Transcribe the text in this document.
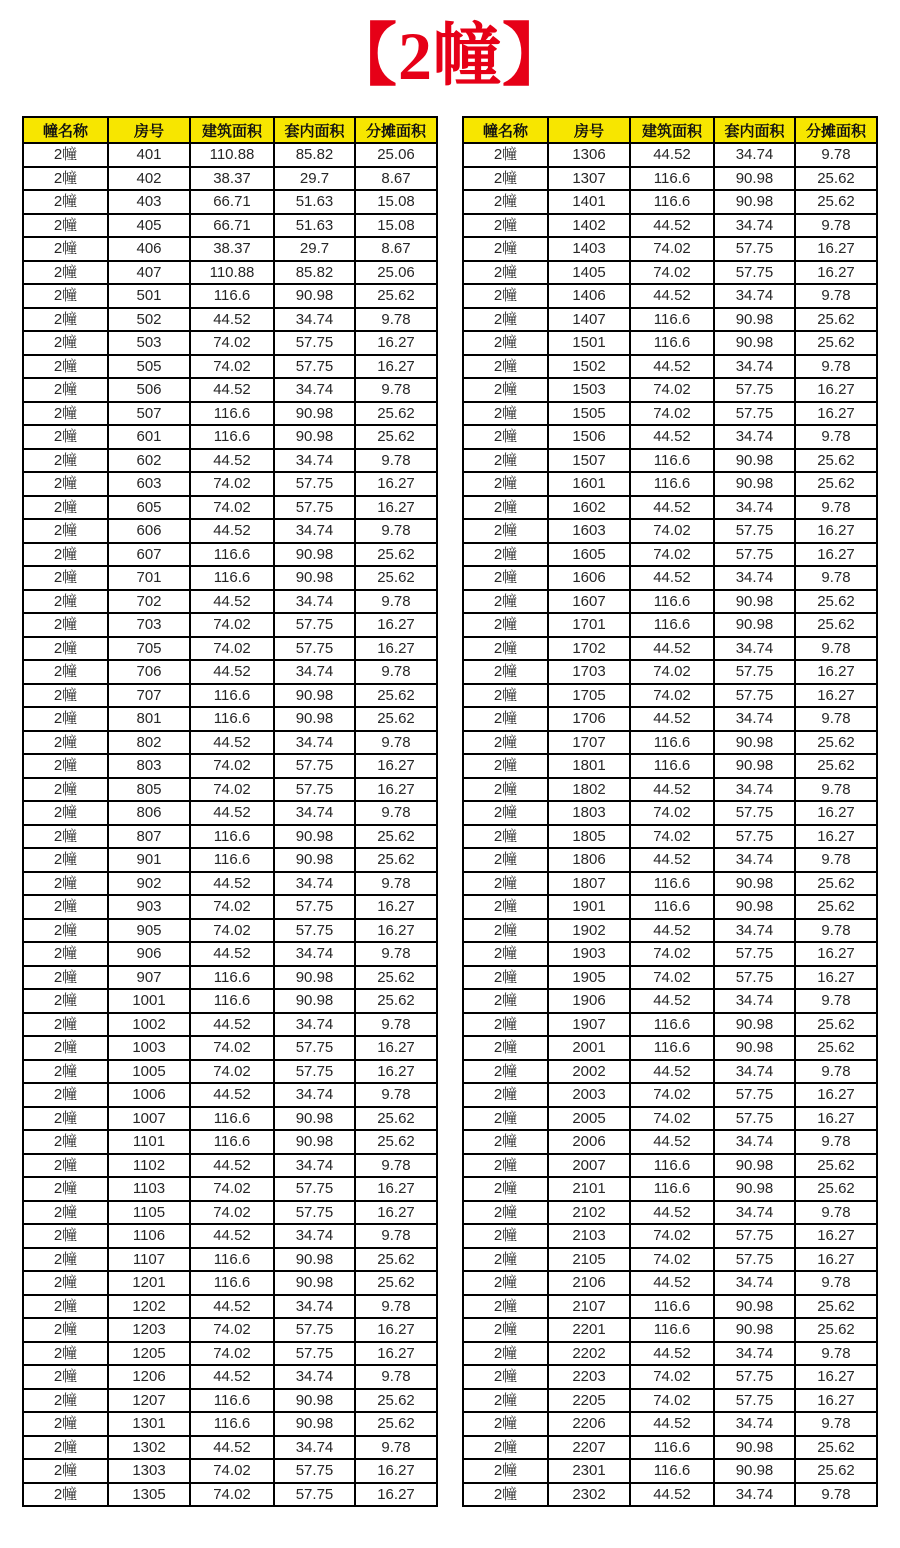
【2幢】
幢名称	房号	建筑面积	套内面积	分摊面积
2幢	401	110.88	85.82	25.06
2幢	402	38.37	29.7	8.67
2幢	403	66.71	51.63	15.08
2幢	405	66.71	51.63	15.08
2幢	406	38.37	29.7	8.67
2幢	407	110.88	85.82	25.06
2幢	501	116.6	90.98	25.62
2幢	502	44.52	34.74	9.78
2幢	503	74.02	57.75	16.27
2幢	505	74.02	57.75	16.27
2幢	506	44.52	34.74	9.78
2幢	507	116.6	90.98	25.62
2幢	601	116.6	90.98	25.62
2幢	602	44.52	34.74	9.78
2幢	603	74.02	57.75	16.27
2幢	605	74.02	57.75	16.27
2幢	606	44.52	34.74	9.78
2幢	607	116.6	90.98	25.62
2幢	701	116.6	90.98	25.62
2幢	702	44.52	34.74	9.78
2幢	703	74.02	57.75	16.27
2幢	705	74.02	57.75	16.27
2幢	706	44.52	34.74	9.78
2幢	707	116.6	90.98	25.62
2幢	801	116.6	90.98	25.62
2幢	802	44.52	34.74	9.78
2幢	803	74.02	57.75	16.27
2幢	805	74.02	57.75	16.27
2幢	806	44.52	34.74	9.78
2幢	807	116.6	90.98	25.62
2幢	901	116.6	90.98	25.62
2幢	902	44.52	34.74	9.78
2幢	903	74.02	57.75	16.27
2幢	905	74.02	57.75	16.27
2幢	906	44.52	34.74	9.78
2幢	907	116.6	90.98	25.62
2幢	1001	116.6	90.98	25.62
2幢	1002	44.52	34.74	9.78
2幢	1003	74.02	57.75	16.27
2幢	1005	74.02	57.75	16.27
2幢	1006	44.52	34.74	9.78
2幢	1007	116.6	90.98	25.62
2幢	1101	116.6	90.98	25.62
2幢	1102	44.52	34.74	9.78
2幢	1103	74.02	57.75	16.27
2幢	1105	74.02	57.75	16.27
2幢	1106	44.52	34.74	9.78
2幢	1107	116.6	90.98	25.62
2幢	1201	116.6	90.98	25.62
2幢	1202	44.52	34.74	9.78
2幢	1203	74.02	57.75	16.27
2幢	1205	74.02	57.75	16.27
2幢	1206	44.52	34.74	9.78
2幢	1207	116.6	90.98	25.62
2幢	1301	116.6	90.98	25.62
2幢	1302	44.52	34.74	9.78
2幢	1303	74.02	57.75	16.27
2幢	1305	74.02	57.75	16.27
幢名称	房号	建筑面积	套内面积	分摊面积
2幢	1306	44.52	34.74	9.78
2幢	1307	116.6	90.98	25.62
2幢	1401	116.6	90.98	25.62
2幢	1402	44.52	34.74	9.78
2幢	1403	74.02	57.75	16.27
2幢	1405	74.02	57.75	16.27
2幢	1406	44.52	34.74	9.78
2幢	1407	116.6	90.98	25.62
2幢	1501	116.6	90.98	25.62
2幢	1502	44.52	34.74	9.78
2幢	1503	74.02	57.75	16.27
2幢	1505	74.02	57.75	16.27
2幢	1506	44.52	34.74	9.78
2幢	1507	116.6	90.98	25.62
2幢	1601	116.6	90.98	25.62
2幢	1602	44.52	34.74	9.78
2幢	1603	74.02	57.75	16.27
2幢	1605	74.02	57.75	16.27
2幢	1606	44.52	34.74	9.78
2幢	1607	116.6	90.98	25.62
2幢	1701	116.6	90.98	25.62
2幢	1702	44.52	34.74	9.78
2幢	1703	74.02	57.75	16.27
2幢	1705	74.02	57.75	16.27
2幢	1706	44.52	34.74	9.78
2幢	1707	116.6	90.98	25.62
2幢	1801	116.6	90.98	25.62
2幢	1802	44.52	34.74	9.78
2幢	1803	74.02	57.75	16.27
2幢	1805	74.02	57.75	16.27
2幢	1806	44.52	34.74	9.78
2幢	1807	116.6	90.98	25.62
2幢	1901	116.6	90.98	25.62
2幢	1902	44.52	34.74	9.78
2幢	1903	74.02	57.75	16.27
2幢	1905	74.02	57.75	16.27
2幢	1906	44.52	34.74	9.78
2幢	1907	116.6	90.98	25.62
2幢	2001	116.6	90.98	25.62
2幢	2002	44.52	34.74	9.78
2幢	2003	74.02	57.75	16.27
2幢	2005	74.02	57.75	16.27
2幢	2006	44.52	34.74	9.78
2幢	2007	116.6	90.98	25.62
2幢	2101	116.6	90.98	25.62
2幢	2102	44.52	34.74	9.78
2幢	2103	74.02	57.75	16.27
2幢	2105	74.02	57.75	16.27
2幢	2106	44.52	34.74	9.78
2幢	2107	116.6	90.98	25.62
2幢	2201	116.6	90.98	25.62
2幢	2202	44.52	34.74	9.78
2幢	2203	74.02	57.75	16.27
2幢	2205	74.02	57.75	16.27
2幢	2206	44.52	34.74	9.78
2幢	2207	116.6	90.98	25.62
2幢	2301	116.6	90.98	25.62
2幢	2302	44.52	34.74	9.78
